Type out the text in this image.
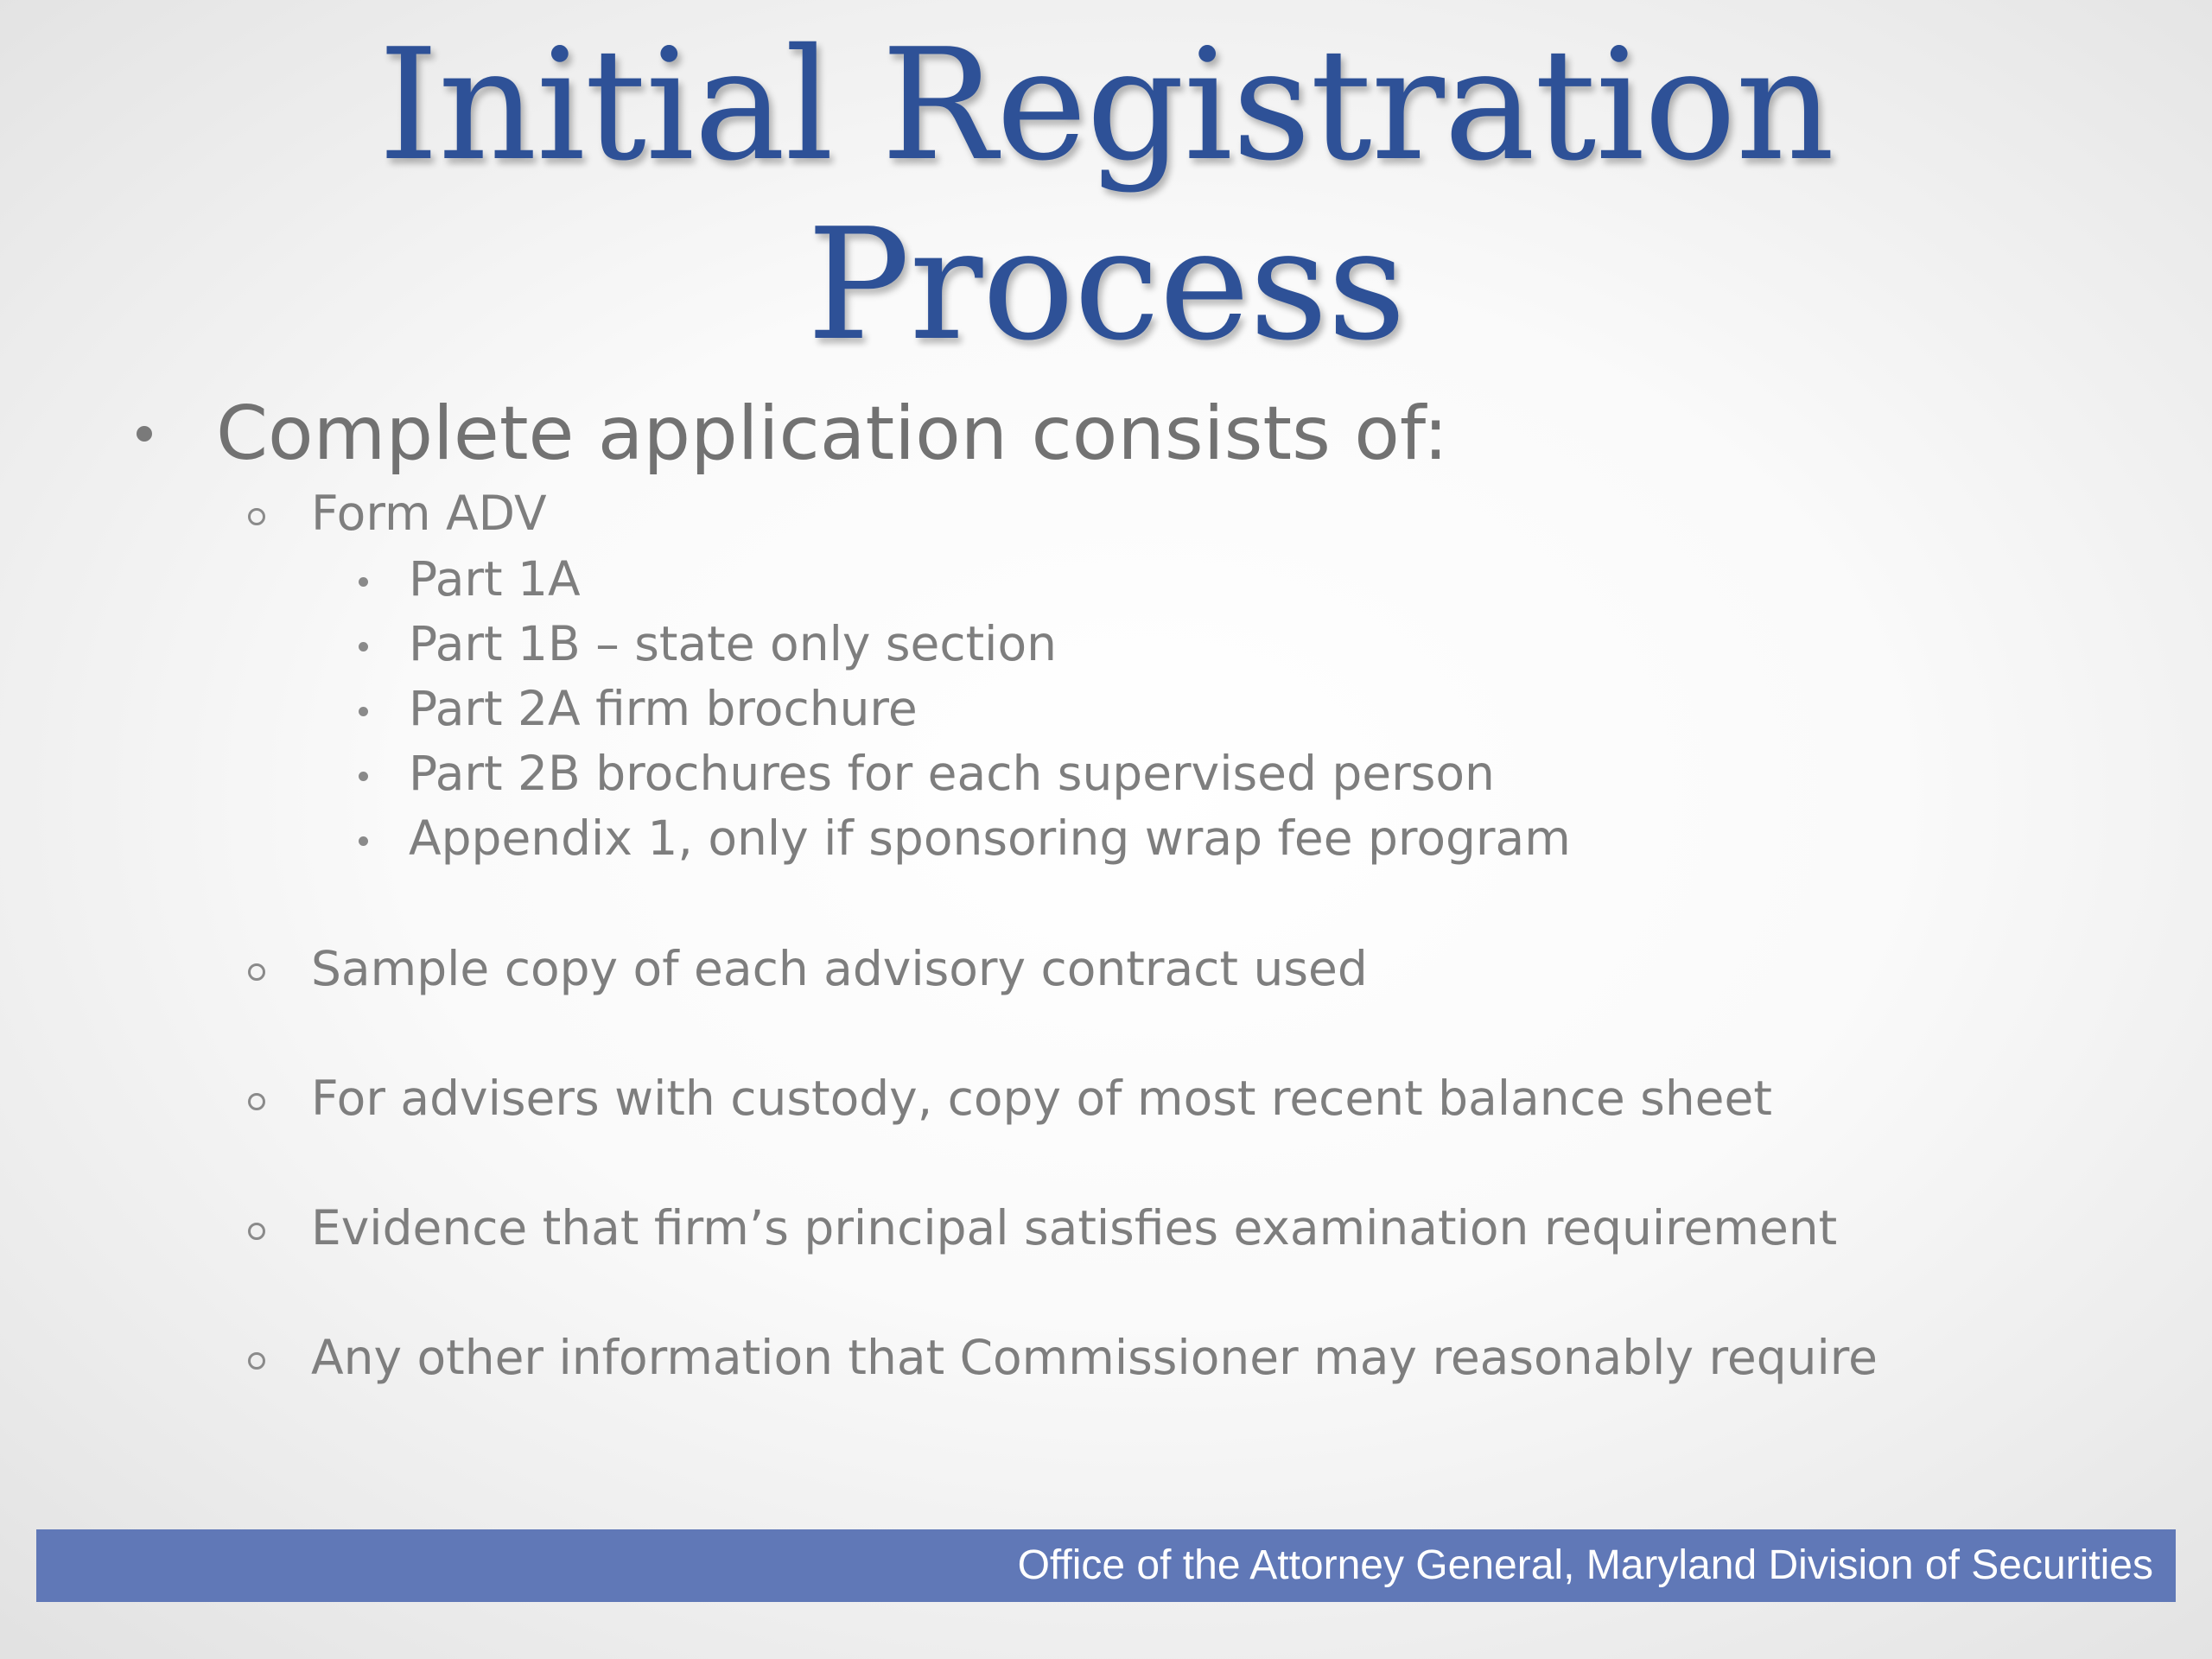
Initial Registration
Process
Complete application consists of:
Form ADV
Part 1A
Part 1B – state only section
Part 2A firm brochure
Part 2B brochures for each supervised person
Appendix 1, only if sponsoring wrap fee program
Sample copy of each advisory contract used
For advisers with custody, copy of most recent balance sheet
Evidence that firm’s principal satisfies examination requirement
Any other information that Commissioner may reasonably require
Office of the Attorney General, Maryland Division of Securities
